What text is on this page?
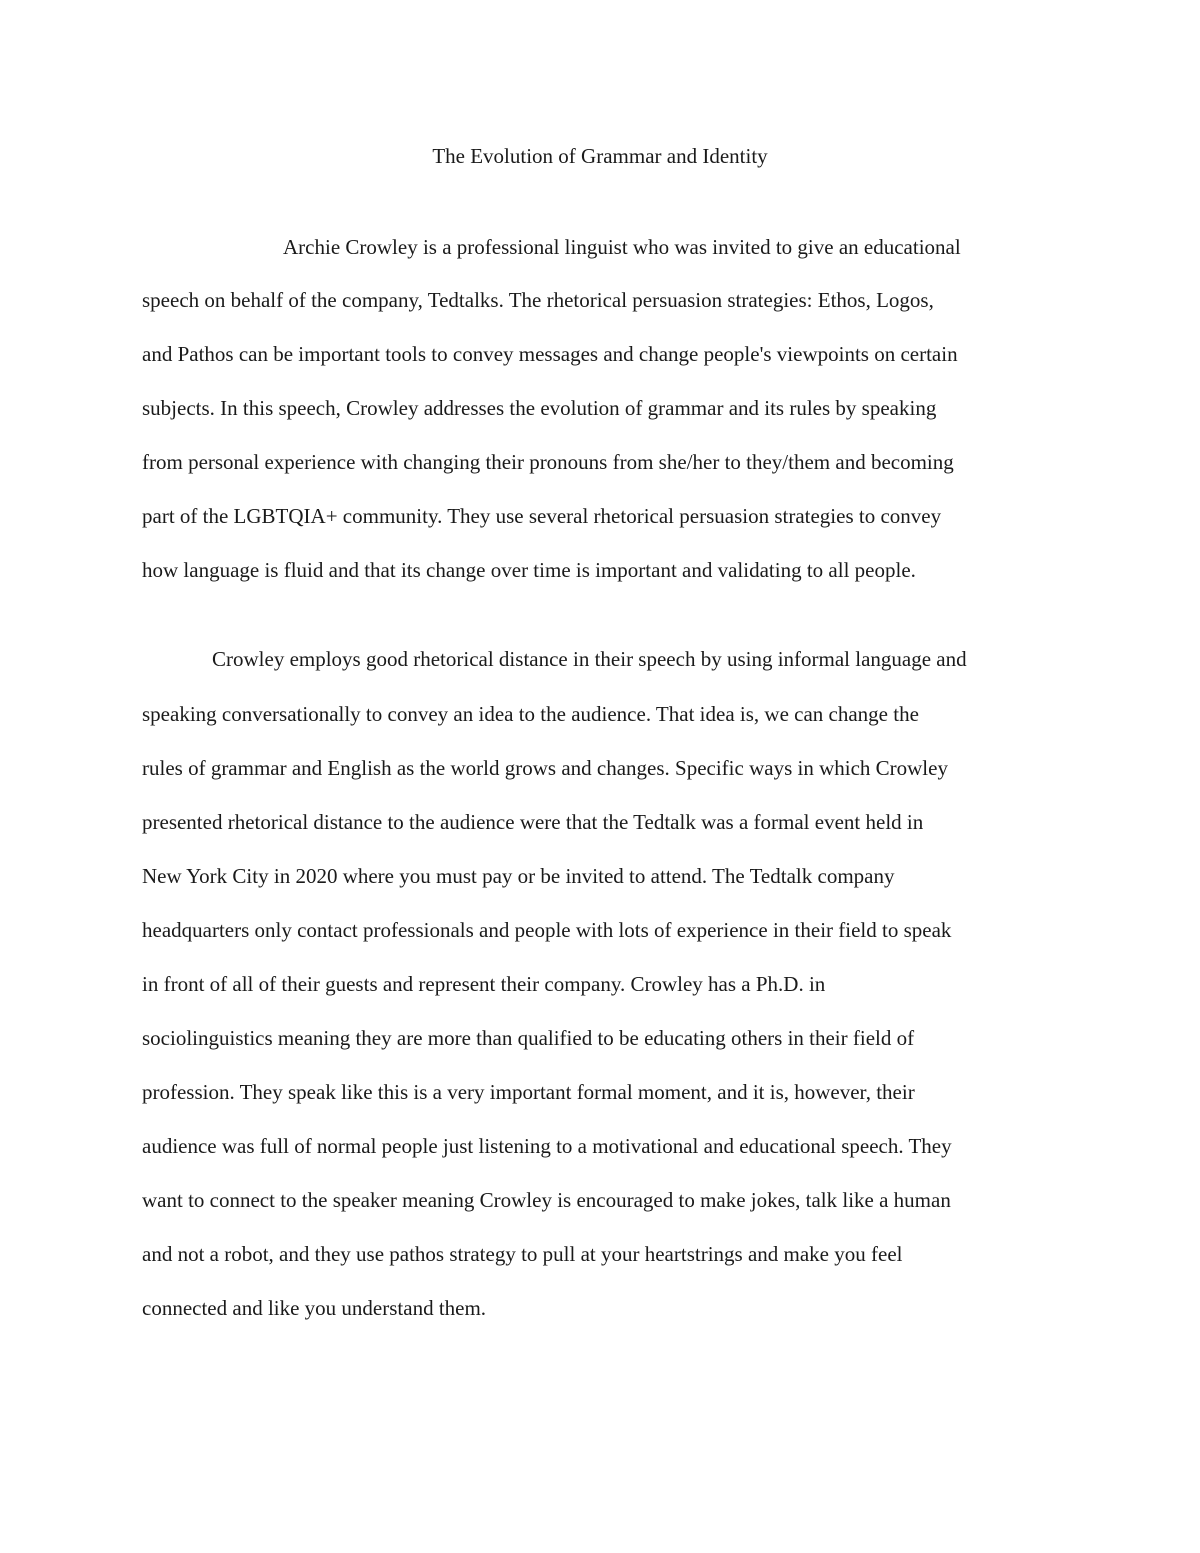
The Evolution of Grammar and Identity

Archie Crowley is a professional linguist who was invited to give an educational

speech on behalf of the company, Tedtalks. The rhetorical persuasion strategies: Ethos, Logos,

and Pathos can be important tools to convey messages and change people's viewpoints on certain

subjects. In this speech, Crowley addresses the evolution of grammar and its rules by speaking

from personal experience with changing their pronouns from she/her to they/them and becoming

part of the LGBTQIA+ community. They use several rhetorical persuasion strategies to convey

how language is fluid and that its change over time is important and validating to all people.

Crowley employs good rhetorical distance in their speech by using informal language and

speaking conversationally to convey an idea to the audience. That idea is, we can change the

rules of grammar and English as the world grows and changes. Specific ways in which Crowley

presented rhetorical distance to the audience were that the Tedtalk was a formal event held in

New York City in 2020 where you must pay or be invited to attend. The Tedtalk company

headquarters only contact professionals and people with lots of experience in their field to speak

in front of all of their guests and represent their company. Crowley has a Ph.D. in

sociolinguistics meaning they are more than qualified to be educating others in their field of

profession. They speak like this is a very important formal moment, and it is, however, their

audience was full of normal people just listening to a motivational and educational speech. They

want to connect to the speaker meaning Crowley is encouraged to make jokes, talk like a human

and not a robot, and they use pathos strategy to pull at your heartstrings and make you feel

connected and like you understand them.
